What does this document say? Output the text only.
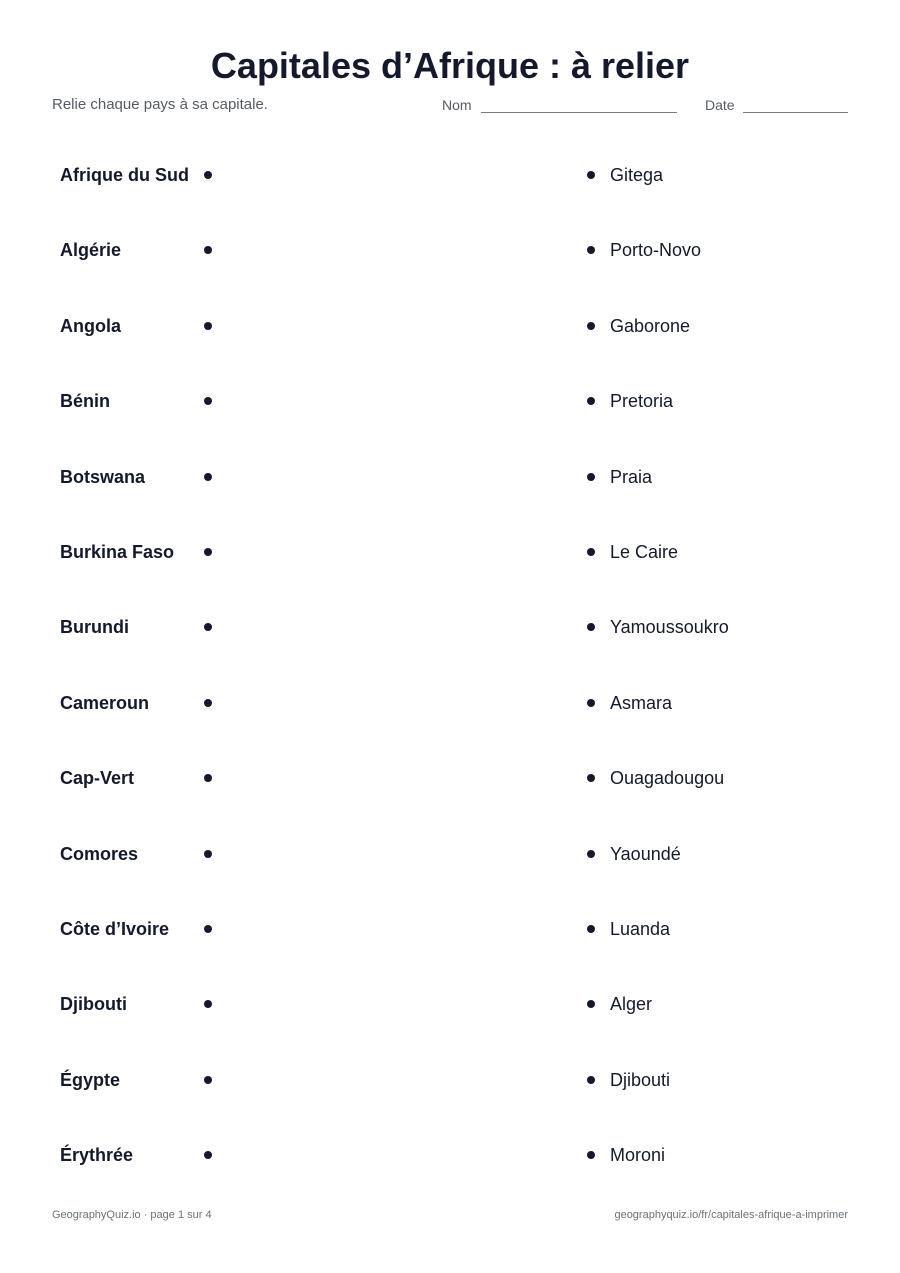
Capitales d’Afrique : à relier
Relie chaque pays à sa capitale.	Nom	Date
Afrique du Sud	Gitega
Algérie	Porto-Novo
Angola	Gaborone
Bénin	Pretoria
Botswana	Praia
Burkina Faso	Le Caire
Burundi	Yamoussoukro
Cameroun	Asmara
Cap-Vert	Ouagadougou
Comores	Yaoundé
Côte d’Ivoire	Luanda
Djibouti	Alger
Égypte	Djibouti
Érythrée	Moroni
GeographyQuiz.io · page 1 sur 4	geographyquiz.io/fr/capitales-afrique-a-imprimer
